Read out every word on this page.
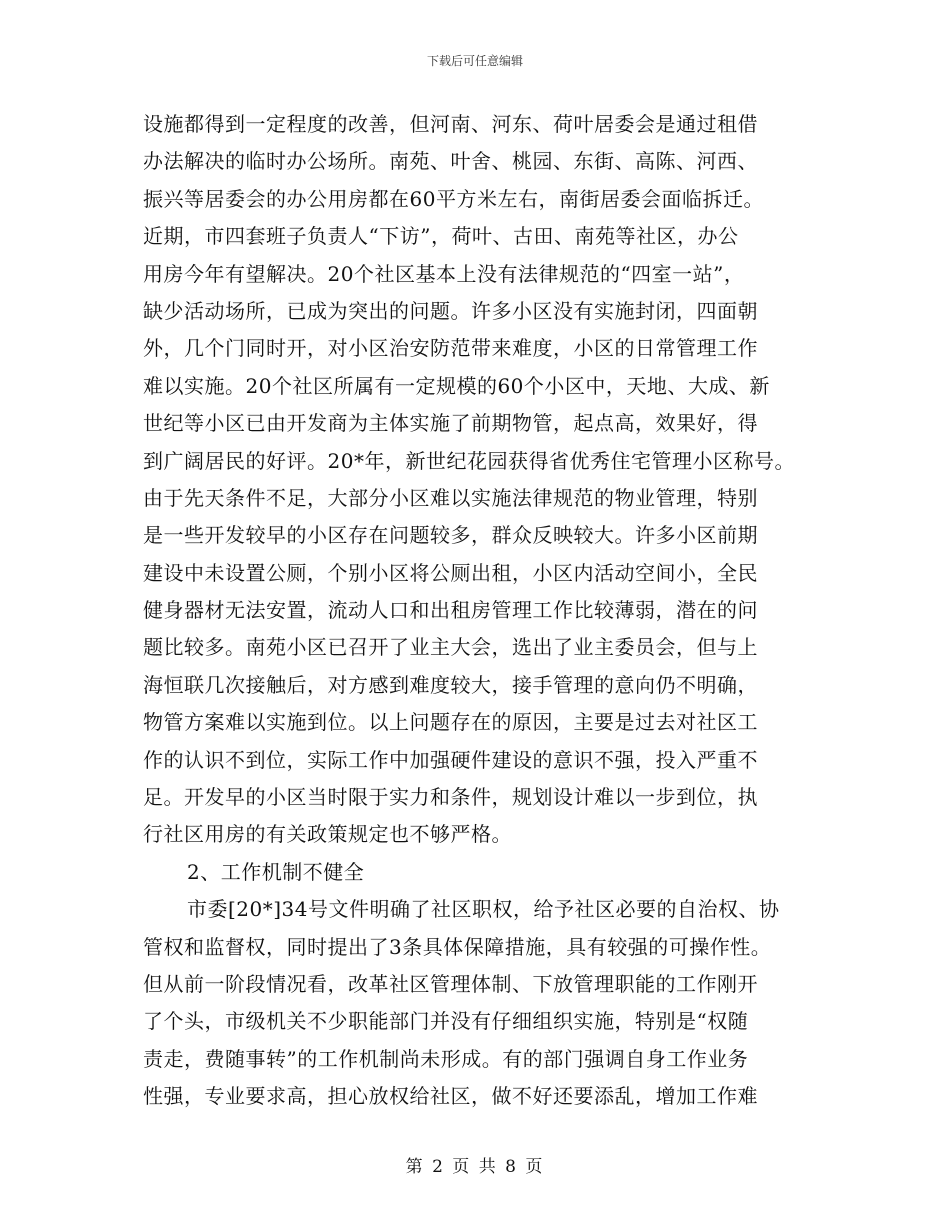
下载后可任意编辑
设施都得到一定程度的改善，但河南、河东、荷叶居委会是通过租借
办法解决的临时办公场所。南苑、叶舍、桃园、东街、高陈、河西、
振兴等居委会的办公用房都在60平方米左右，南街居委会面临拆迁。
近期，市四套班子负责人“下访”，荷叶、古田、南苑等社区，办公
用房今年有望解决。20个社区基本上没有法律规范的“四室一站”，
缺少活动场所，已成为突出的问题。许多小区没有实施封闭，四面朝
外，几个门同时开，对小区治安防范带来难度，小区的日常管理工作
难以实施。20个社区所属有一定规模的60个小区中，天地、大成、新
世纪等小区已由开发商为主体实施了前期物管，起点高，效果好，得
到广阔居民的好评。20*年，新世纪花园获得省优秀住宅管理小区称号。
由于先天条件不足，大部分小区难以实施法律规范的物业管理，特别
是一些开发较早的小区存在问题较多，群众反映较大。许多小区前期
建设中未设置公厕，个别小区将公厕出租，小区内活动空间小，全民
健身器材无法安置，流动人口和出租房管理工作比较薄弱，潜在的问
题比较多。南苑小区已召开了业主大会，选出了业主委员会，但与上
海恒联几次接触后，对方感到难度较大，接手管理的意向仍不明确，
物管方案难以实施到位。以上问题存在的原因，主要是过去对社区工
作的认识不到位，实际工作中加强硬件建设的意识不强，投入严重不
足。开发早的小区当时限于实力和条件，规划设计难以一步到位，执
行社区用房的有关政策规定也不够严格。
2、工作机制不健全
市委[20*]34号文件明确了社区职权，给予社区必要的自治权、协
管权和监督权，同时提出了3条具体保障措施，具有较强的可操作性。
但从前一阶段情况看，改革社区管理体制、下放管理职能的工作刚开
了个头，市级机关不少职能部门并没有仔细组织实施，特别是“权随
责走，费随事转”的工作机制尚未形成。有的部门强调自身工作业务
性强，专业要求高，担心放权给社区，做不好还要添乱，增加工作难
第 2 页 共 8 页
